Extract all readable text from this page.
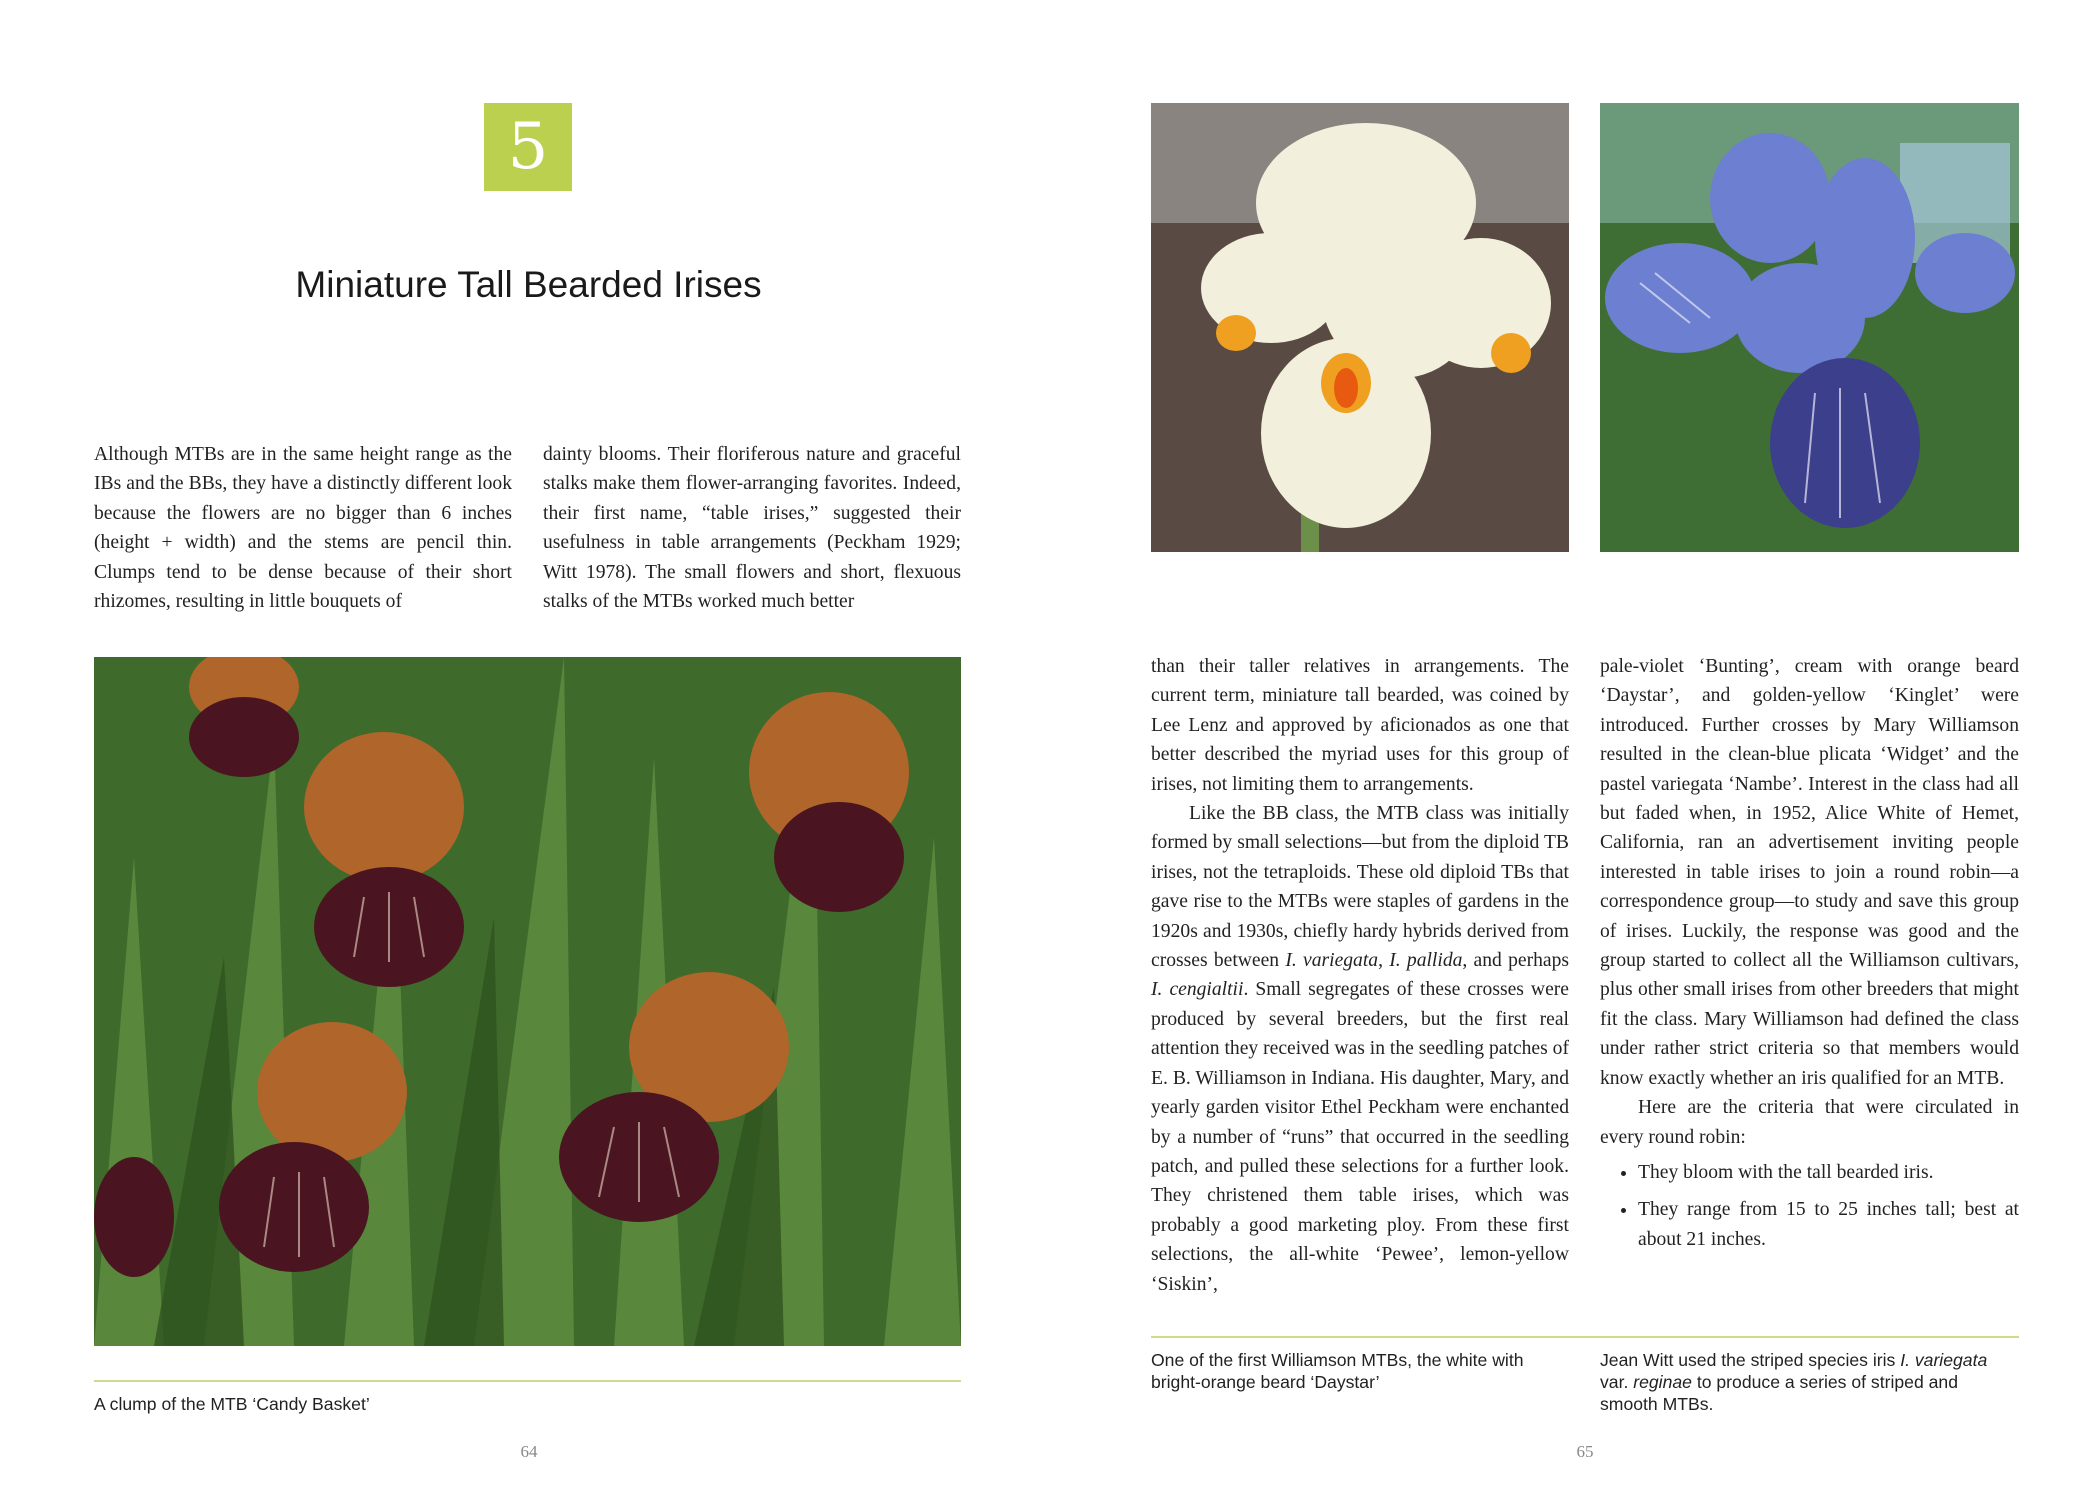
5
Miniature Tall Bearded Irises

Although MTBs are in the same height range as the IBs and the BBs, they have a distinctly different look because the flowers are no bigger than 6 inches (height + width) and the stems are pencil thin. Clumps tend to be dense because of their short rhizomes, resulting in little bouquets of

dainty blooms. Their floriferous nature and graceful stalks make them flower-arranging favorites. Indeed, their first name, “table irises,” suggested their usefulness in table arrangements (Peckham 1929; Witt 1978). The small flowers and short, flexuous stalks of the MTBs worked much better

A clump of the MTB ‘Candy Basket’
64

than their taller relatives in arrangements. The current term, miniature tall bearded, was coined by Lee Lenz and approved by aficionados as one that better described the myriad uses for this group of irises, not limiting them to arrangements.

Like the BB class, the MTB class was initially formed by small selections—but from the diploid TB irises, not the tetraploids. These old diploid TBs that gave rise to the MTBs were staples of gardens in the 1920s and 1930s, chiefly hardy hybrids derived from crosses between I. variegata, I. pallida, and perhaps I. cengialtii. Small segregates of these crosses were produced by several breeders, but the first real attention they received was in the seedling patches of E. B. Williamson in Indiana. His daughter, Mary, and yearly garden visitor Ethel Peckham were enchanted by a number of “runs” that occurred in the seedling patch, and pulled these selections for a further look. They christened them table irises, which was probably a good marketing ploy. From these first selections, the all-white ‘Pewee’, lemon-yellow ‘Siskin’,

pale-violet ‘Bunting’, cream with orange beard ‘Daystar’, and golden-yellow ‘Kinglet’ were introduced. Further crosses by Mary Williamson resulted in the clean-blue plicata ‘Widget’ and the pastel variegata ‘Nambe’. Interest in the class had all but faded when, in 1952, Alice White of Hemet, California, ran an advertisement inviting people interested in table irises to join a round robin—a correspondence group—to study and save this group of irises. Luckily, the response was good and the group started to collect all the Williamson cultivars, plus other small irises from other breeders that might fit the class. Mary Williamson had defined the class under rather strict criteria so that members would know exactly whether an iris qualified for an MTB.

Here are the criteria that were circulated in every round robin:

• They bloom with the tall bearded iris.
• They range from 15 to 25 inches tall; best at about 21 inches.
One of the first Williamson MTBs, the white with bright-orange beard ‘Daystar’
Jean Witt used the striped species iris I. variegata var. reginae to produce a series of striped and smooth MTBs.
65
